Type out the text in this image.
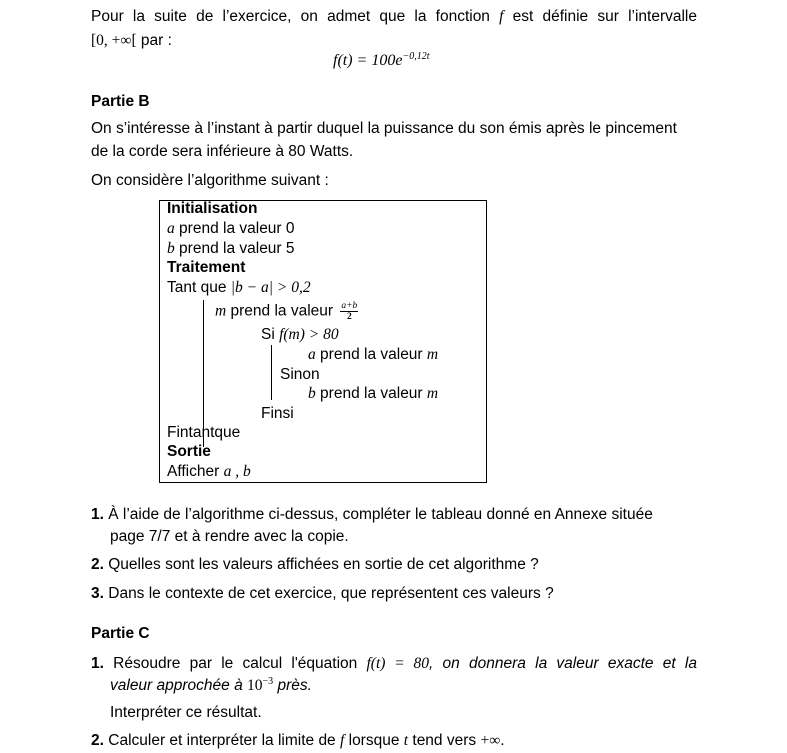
Pour la suite de l’exercice, on admet que la fonction f est définie sur l’intervalle
[0, +∞[ par :
$f(t) = 100e^{-0,12t}$
Partie B
On s’intéresse à l’instant à partir duquel la puissance du son émis après le pincement
de la corde sera inférieure à 80 Watts.
On considère l’algorithme suivant :
Initialisation
a prend la valeur 0
b prend la valeur 5
Traitement
Tant que |b − a| > 0,2
m prend la valeur $\frac{a+b}{2}$
Si f(m) > 80
a prend la valeur m
Sinon
b prend la valeur m
Finsi
Fintantque
Sortie
Afficher a , b
1. À l’aide de l’algorithme ci-dessus, compléter le tableau donné en Annexe située
page 7/7 et à rendre avec la copie.
2. Quelles sont les valeurs affichées en sortie de cet algorithme ?
3. Dans le contexte de cet exercice, que représentent ces valeurs ?
Partie C
1. Résoudre par le calcul l'équation f(t) = 80, on donnera la valeur exacte et la
valeur approchée à $10^{-3}$ près.
Interpréter ce résultat.
2. Calculer et interpréter la limite de f lorsque t tend vers +∞.
